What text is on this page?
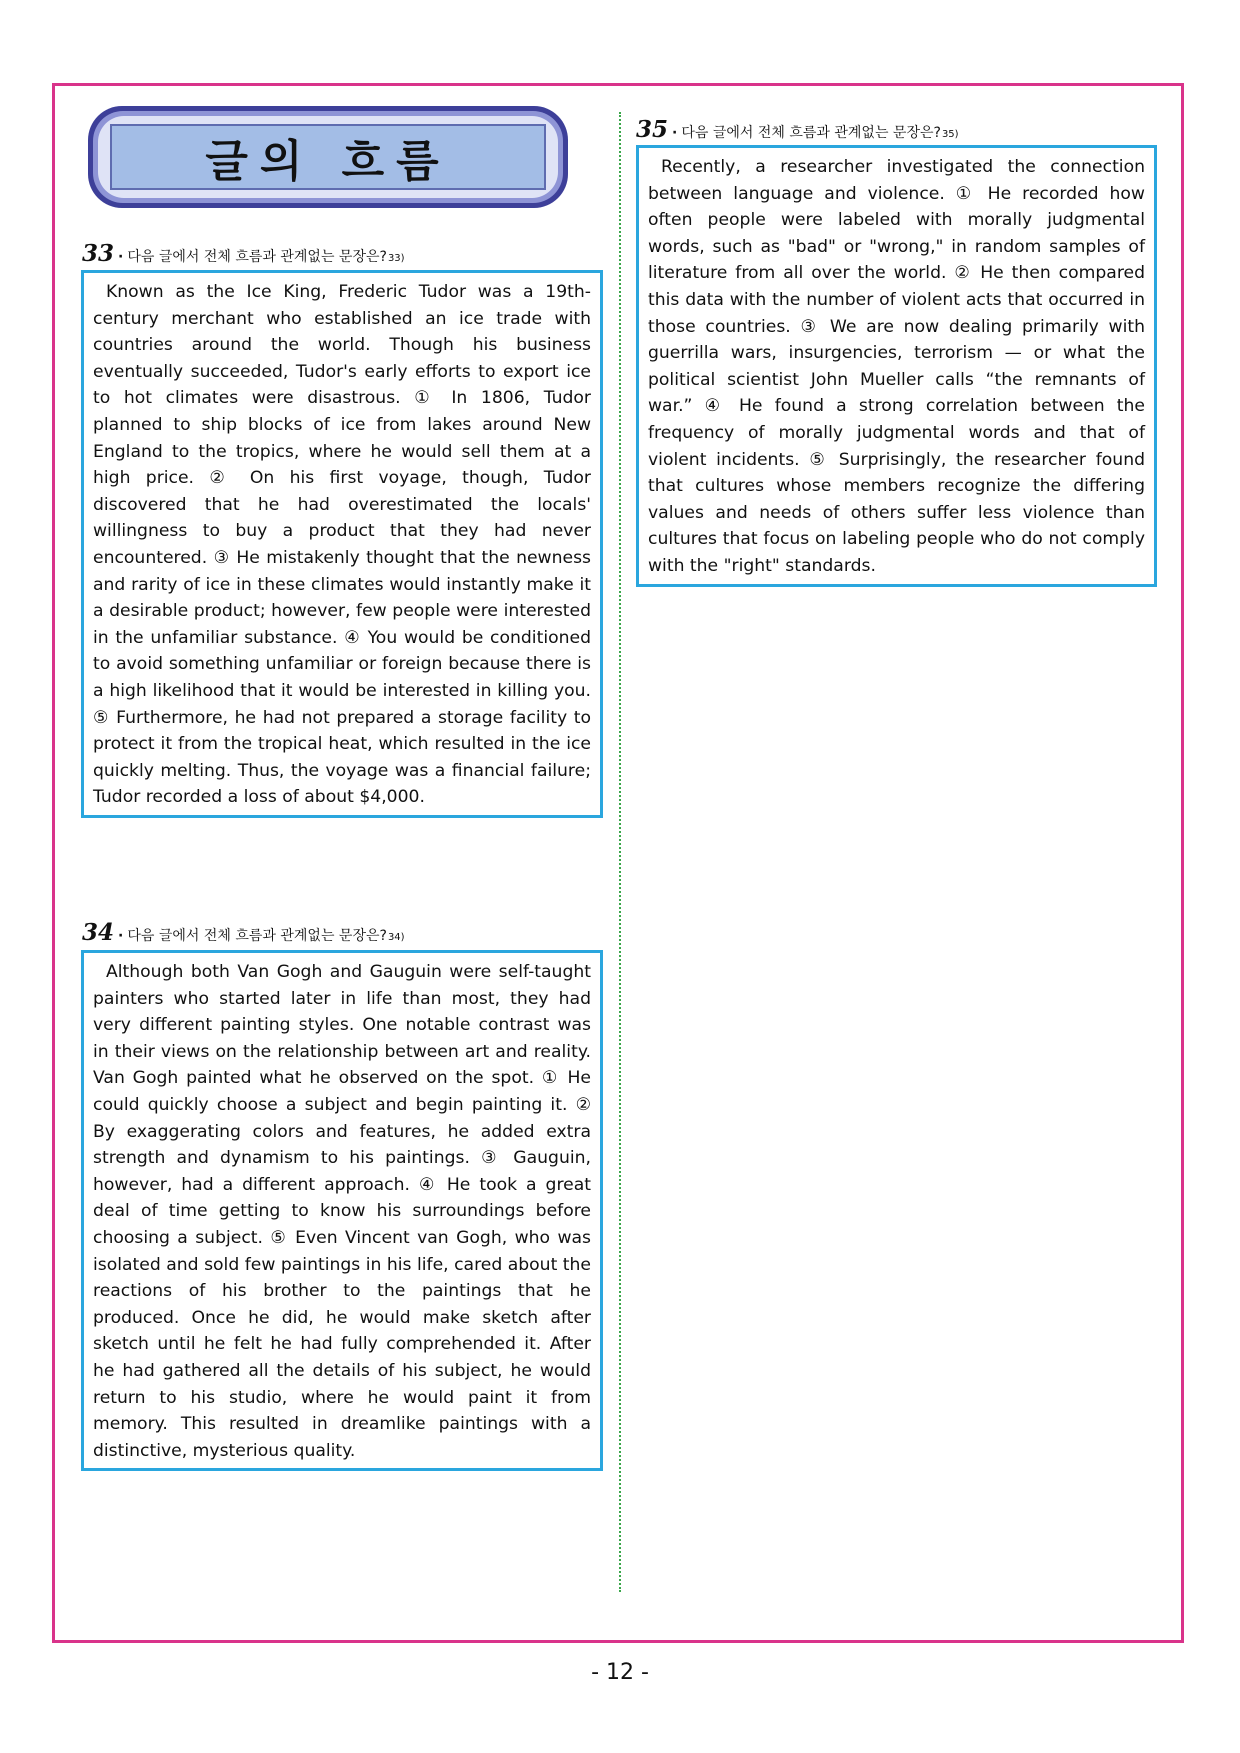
글의 흐름
33 · 다음 글에서 전체 흐름과 관계없는 문장은? 33)
Known as the Ice King, Frederic Tudor was a 19th-century merchant who established an ice trade with countries around the world. Though his business eventually succeeded, Tudor's early efforts to export ice to hot climates were disastrous. ① In 1806, Tudor planned to ship blocks of ice from lakes around New England to the tropics, where he would sell them at a high price. ② On his first voyage, though, Tudor discovered that he had overestimated the locals' willingness to buy a product that they had never encountered. ③ He mistakenly thought that the newness and rarity of ice in these climates would instantly make it a desirable product; however, few people were interested in the unfamiliar substance. ④ You would be conditioned to avoid something unfamiliar or foreign because there is a high likelihood that it would be interested in killing you. ⑤ Furthermore, he had not prepared a storage facility to protect it from the tropical heat, which resulted in the ice quickly melting. Thus, the voyage was a financial failure; Tudor recorded a loss of about $4,000.
34 · 다음 글에서 전체 흐름과 관계없는 문장은? 34)
Although both Van Gogh and Gauguin were self-taught painters who started later in life than most, they had very different painting styles. One notable contrast was in their views on the relationship between art and reality. Van Gogh painted what he observed on the spot. ① He could quickly choose a subject and begin painting it. ② By exaggerating colors and features, he added extra strength and dynamism to his paintings. ③ Gauguin, however, had a different approach. ④ He took a great deal of time getting to know his surroundings before choosing a subject. ⑤ Even Vincent van Gogh, who was isolated and sold few paintings in his life, cared about the reactions of his brother to the paintings that he produced. Once he did, he would make sketch after sketch until he felt he had fully comprehended it. After he had gathered all the details of his subject, he would return to his studio, where he would paint it from memory. This resulted in dreamlike paintings with a distinctive, mysterious quality.
35 · 다음 글에서 전체 흐름과 관계없는 문장은? 35)
Recently, a researcher investigated the connection between language and violence. ① He recorded how often people were labeled with morally judgmental words, such as "bad" or "wrong," in random samples of literature from all over the world. ② He then compared this data with the number of violent acts that occurred in those countries. ③ We are now dealing primarily with guerrilla wars, insurgencies, terrorism — or what the political scientist John Mueller calls “the remnants of war.” ④ He found a strong correlation between the frequency of morally judgmental words and that of violent incidents. ⑤ Surprisingly, the researcher found that cultures whose members recognize the differing values and needs of others suffer less violence than cultures that focus on labeling people who do not comply with the "right" standards.
- 12 -
